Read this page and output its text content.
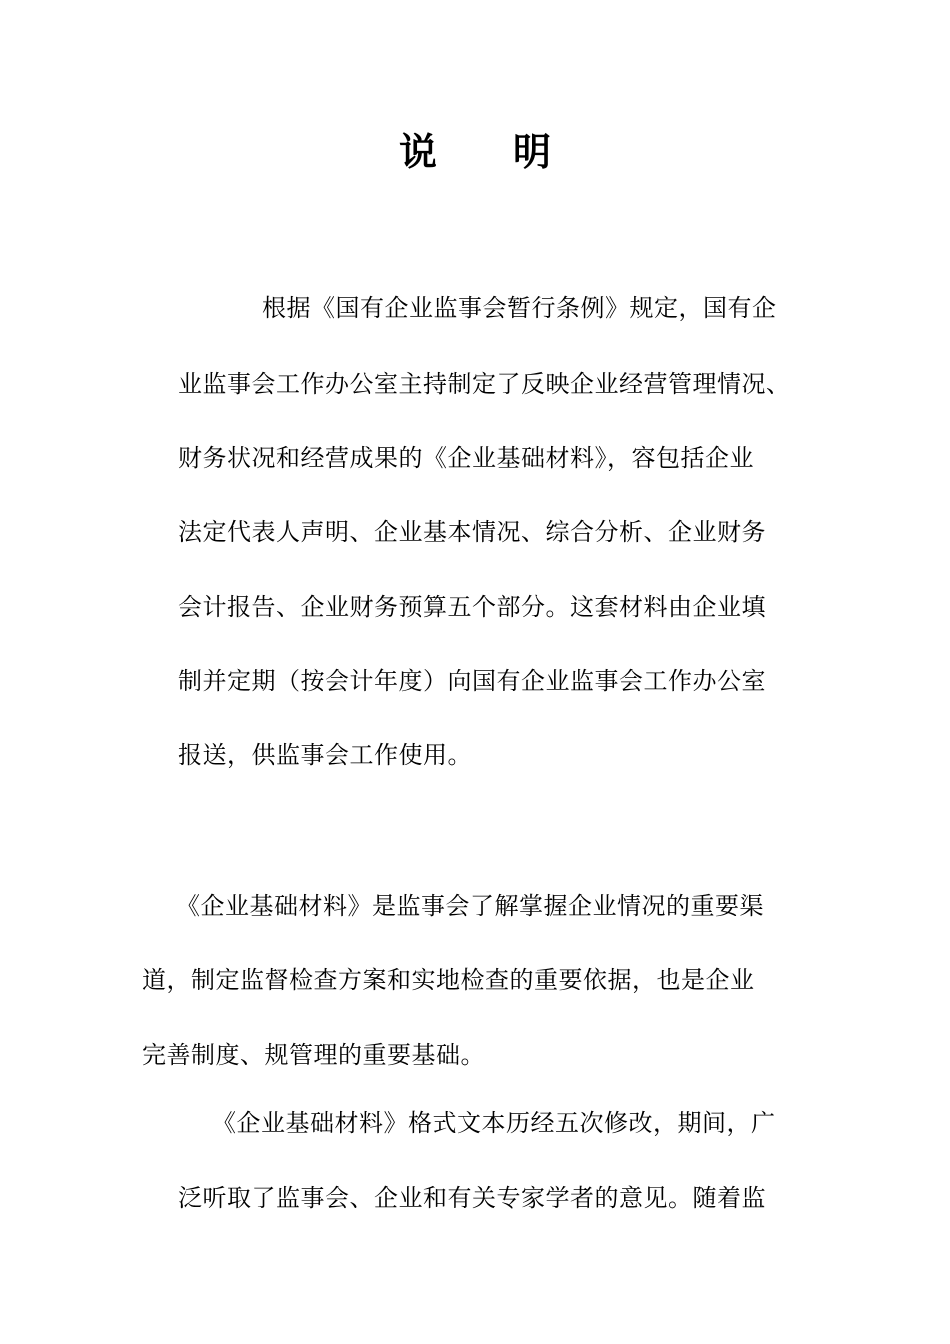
说　　明
根据《国有企业监事会暂行条例》规定，国有企
业监事会工作办公室主持制定了反映企业经营管理情况、
财务状况和经营成果的《企业基础材料》，容包括企业
法定代表人声明、企业基本情况、综合分析、企业财务
会计报告、企业财务预算五个部分。这套材料由企业填
制并定期（按会计年度）向国有企业监事会工作办公室
报送，供监事会工作使用。
《企业基础材料》是监事会了解掌握企业情况的重要渠
道，制定监督检查方案和实地检查的重要依据，也是企业
完善制度、规管理的重要基础。
《企业基础材料》格式文本历经五次修改，期间，广
泛听取了监事会、企业和有关专家学者的意见。随着监
